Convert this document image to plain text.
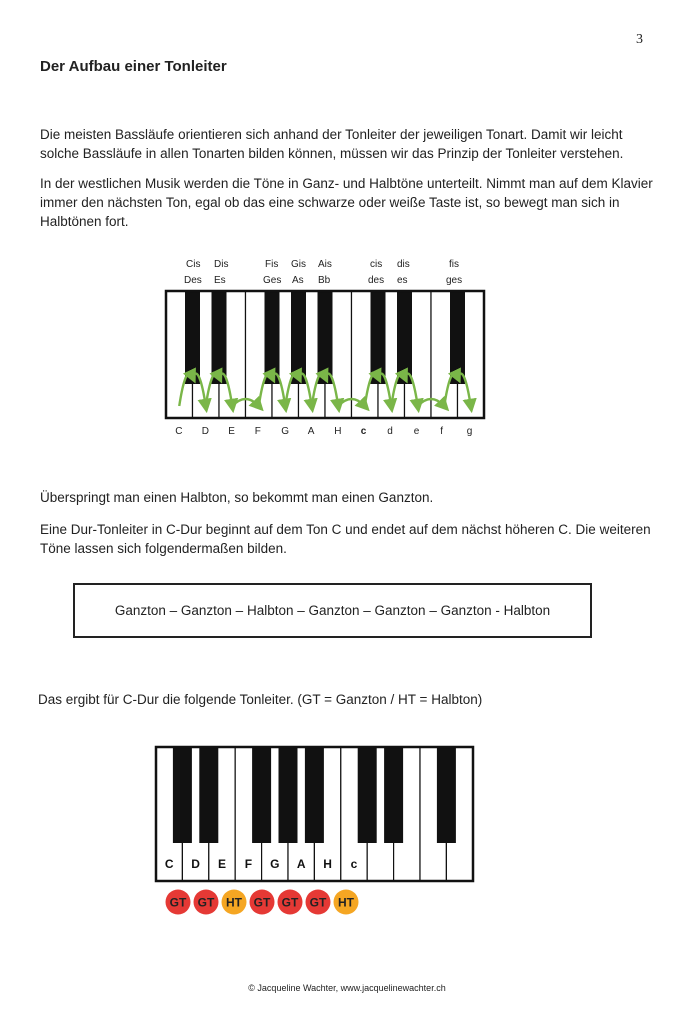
3
Der Aufbau einer Tonleiter
Die meisten Bassläufe orientieren sich anhand der Tonleiter der jeweiligen Tonart. Damit wir leicht solche Bassläufe in allen Tonarten bilden können, müssen wir das Prinzip der Tonleiter verstehen.
In der westlichen Musik werden die Töne in Ganz- und Halbtöne unterteilt. Nimmt man auf dem Klavier immer den nächsten Ton, egal ob das eine schwarze oder weiße Taste ist, so bewegt man sich in Halbtönen fort.
Cis Dis	Fis Gis Ais	cis dis	fis
Des Es	Ges As Bb	des es	ges
C D E F G A H c d e f g
Überspringt man einen Halbton, so bekommt man einen Ganzton.
Eine Dur-Tonleiter in C-Dur beginnt auf dem Ton C und endet auf dem nächst höheren C. Die weiteren Töne lassen sich folgendermaßen bilden.
Ganzton – Ganzton – Halbton – Ganzton – Ganzton – Ganzton - Halbton
Das ergibt für C-Dur die folgende Tonleiter. (GT = Ganzton / HT = Halbton)
C D E F G A H c
GT GT HT GT GT GT HT
© Jacqueline Wachter, www.jacquelinewachter.ch
